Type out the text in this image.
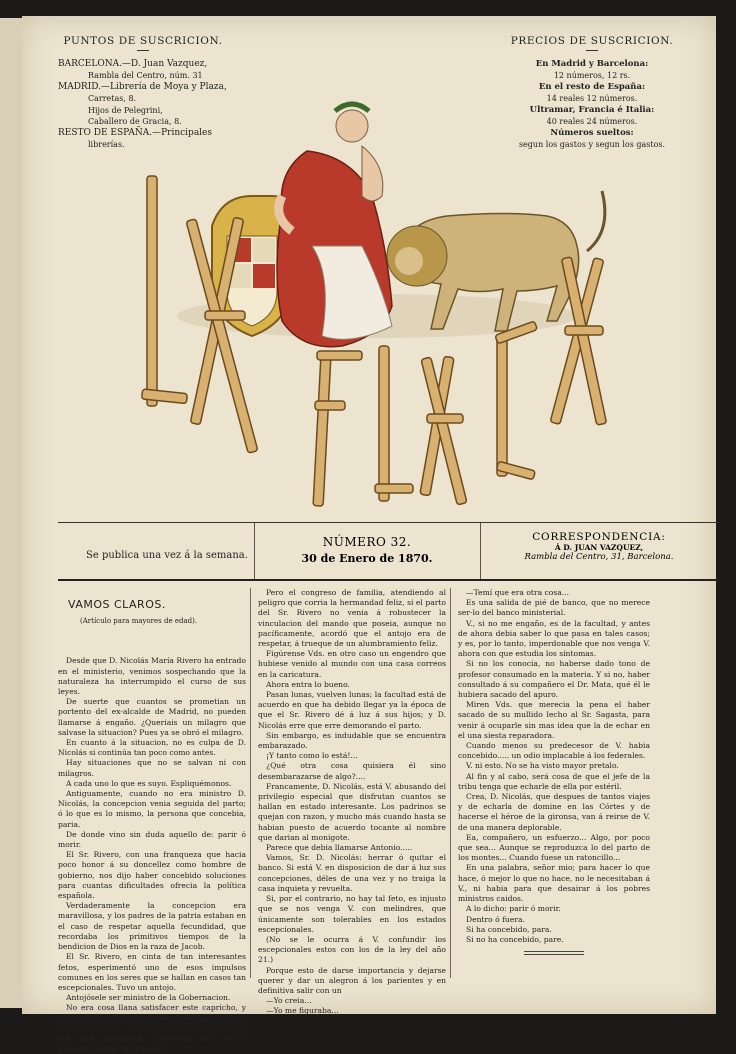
PUNTOS DE SUSCRICION.
BARCELONA.—D. Juan Vazquez,
Rambla del Centro, núm. 31
MADRID.—Librería de Moya y Plaza,
Carretas, 8.
Hijos de Pelegrini,
Caballero de Gracia, 8.
RESTO DE ESPAÑA.—Principales
librerías.
PRECIOS DE SUSCRICION.
En Madrid y Barcelona:
12 números, 12 rs.
En el resto de España:
14 reales 12 números.
Ultramar, Francia é Italia:
40 reales 24 números.
Números sueltos:
segun los gastos y segun los gastos.
Se publica una vez á la semana.
NÚMERO 32.
30 de Enero de 1870.
CORRESPONDENCIA:
Á D. JUAN VAZQUEZ,
Rambla del Centro, 31, Barcelona.
VAMOS CLAROS.
(Artículo para mayores de edad).

Desde que D. Nicolás María Rivero ha entrado en el ministerio, venimos sospechando que la naturaleza ha interrumpido el curso de sus leyes.

De suerte que cuantos se prometian un portento del ex-alcalde de Madrid, no pueden llamarse á engaño. ¿Queriais un milagro que salvase la situacion? Pues ya se obró el milagro.

En cuanto á la situacion, no es culpa de D. Nicolás si continúa tan poco como antes.

Hay situaciones que no se salvan ni con milagros.

A cada uno lo que es suyo. Espliquémonos.

Antiguamente, cuando no era ministro D. Nicolás, la concepcion venia seguida del parto; ó lo que es lo mismo, la persona que concebia, paria.

De donde vino sin duda aquello de: parir ó morir.

El Sr. Rivero, con una franqueza que hacia poco honor á su doncellez como hombre de gobierno, nos dijo haber concebido soluciones para cuantas dificultades ofrecia la política española.

Verdaderamente la concepcion era maravillosa, y los padres de la patria estaban en el caso de respetar aquella fecundidad, que recordaba los primitivos tiempos de la bendicion de Dios en la raza de Jacob.

El Sr. Rivero, en cinta de tan interesantes fetos, esperimentó uno de esos impulsos comunes en los seres que se hallan en casos tan escepcionales. Tuvo un antojo.

Antojósele ser ministro de la Gobernacion.

No era cosa llana satisfacer este capricho, y hasta el Sr. Sagasta, invadiendo el terreno de la facultad médica, sostuvo que eso de los antojos era una paparrucha inventada por varias mujeres amigas de golerías.

Pero el congreso de familia, atendiendo al peligro que corria la hermandad feliz, si el parto del Sr. Rivero no venia á robustecer la vinculacion del mando que poseia, aunque no pacíficamente, acordó que el antojo era de respetar, á trueque de un alumbramiento feliz.

Figúrense Vds. en otro caso un engendro que hubiese venido al mundo con una casa correos en la caricatura.

Ahora entra lo bueno.

Pasan lunas, vuelven lunas; la facultad está de acuerdo en que ha debido llegar ya la época de que el Sr. Rivero dé á luz á sus hijos; y D. Nicolás erre que erre demorando el parto.

Sin embargo, es indudable que se encuentra embarazado.

¡Y tanto como lo está!...

¿Qué otra cosa quisiera él sino desembarazarse de algo?....

Francamente, D. Nicolás, está V. abusando del privilegio especial que disfrutan cuantos se hallan en estado interesante. Los padrinos se quejan con razon, y mucho más cuando hasta se habian puesto de acuerdo tocante al nombre que darian al monigote.

Parece que debia llamarse Antonio.....

Vamos, Sr. D. Nicolás: herrar ó quitar el banco. Si está V. en disposicion de dar á luz sus concepciones, déles de una vez y no traiga la casa inquieta y revuelta.

Si, por el contrario, no hay tal feto, es injusto que se nos venga V. con melindres, que únicamente son tolerables en los estados escepcionales.

(No se le ocurra á V. confundir los escepcionales estos con los de la ley del año 21.)

Porque esto de darse importancia y dejarse querer y dar un alegron á los parientes y en definitiva salir con un

—Yo creia...

—Yo me figuraba...

—Temí que era otra cosa...

Es una salida de pié de banco, que no merece ser-lo del banco ministerial.

V., si no me engaño, es de la facultad, y antes de ahora debia saber lo que pasa en tales casos; y es, por lo tanto, imperdonable que nos venga V. ahora con que estudia los síntomas.

Si no los conocia, no haberse dado tono de profesor consumado en la materia. Y si no, haber consultado á su compañero el Dr. Mata, qué él le hubiera sacado del apuro.

Miren Vds. que merecia la pena el haber sacado de su mullido lecho al Sr. Sagasta, para venir á ocuparle sin mas idea que la de echar en el una siesta reparadora.

Cuando menos su predecesor de V. habia concebido..... un odio implacable á los federales.

V. ni esto. No se ha visto mayor pretalo.

Al fin y al cabo, será cosa de que el jefe de la tribu tenga que echarle de ella por estéril.

Crea, D. Nicolás, que despues de tantos viajes y de echarla de domine en las Córtes y de hacerse el héroe de la gironsa, van á reirse de V. de una manera deplorable.

Ea, compañero, un esfuerzo... Algo, por poco que sea... Aunque se reproduzca lo del parto de los montes... Cuando fuese un ratoncillo...

En una palabra, señor mio; para hacer lo que hace, ó mejor lo que no hace, no le necesitaban á V., ni habia para que desairar á los pobres ministros caidos.

A lo dicho: parir ó morir.

Dentro ó fuera.

Si ha concebido, para.

Si no ha concebido, pare.
